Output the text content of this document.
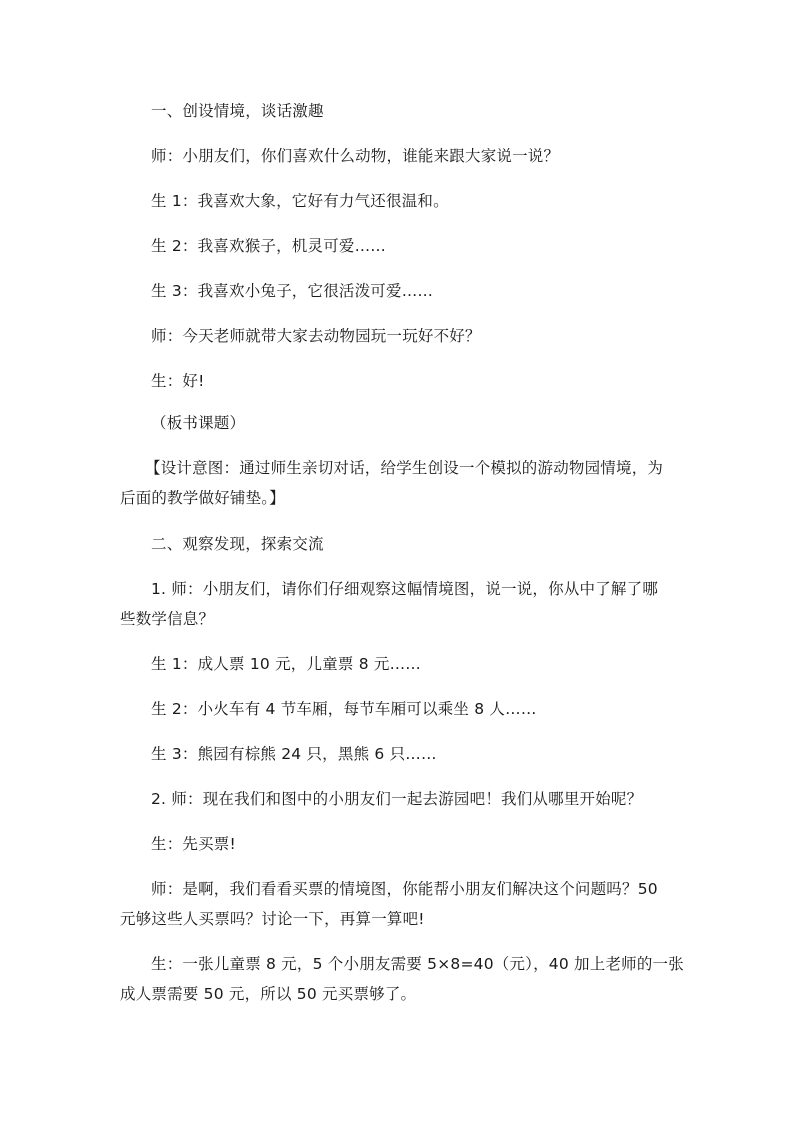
一、创设情境，谈话激趣
师：小朋友们，你们喜欢什么动物，谁能来跟大家说一说？
生 1：我喜欢大象，它好有力气还很温和。
生 2：我喜欢猴子，机灵可爱……
生 3：我喜欢小兔子，它很活泼可爱……
师：今天老师就带大家去动物园玩一玩好不好？
生：好!
（板书课题）
【设计意图：通过师生亲切对话，给学生创设一个模拟的游动物园情境，为
后面的教学做好铺垫。】
二、观察发现，探索交流
1. 师：小朋友们，请你们仔细观察这幅情境图，说一说，你从中了解了哪
些数学信息？
生 1：成人票 10 元，儿童票 8 元……
生 2：小火车有 4 节车厢，每节车厢可以乘坐 8 人……
生 3：熊园有棕熊 24 只，黑熊 6 只……
2. 师：现在我们和图中的小朋友们一起去游园吧！我们从哪里开始呢？
生：先买票!
师：是啊，我们看看买票的情境图，你能帮小朋友们解决这个问题吗？50
元够这些人买票吗？讨论一下，再算一算吧!
生：一张儿童票 8 元，5 个小朋友需要 5×8=40（元），40 加上老师的一张
成人票需要 50 元，所以 50 元买票够了。
